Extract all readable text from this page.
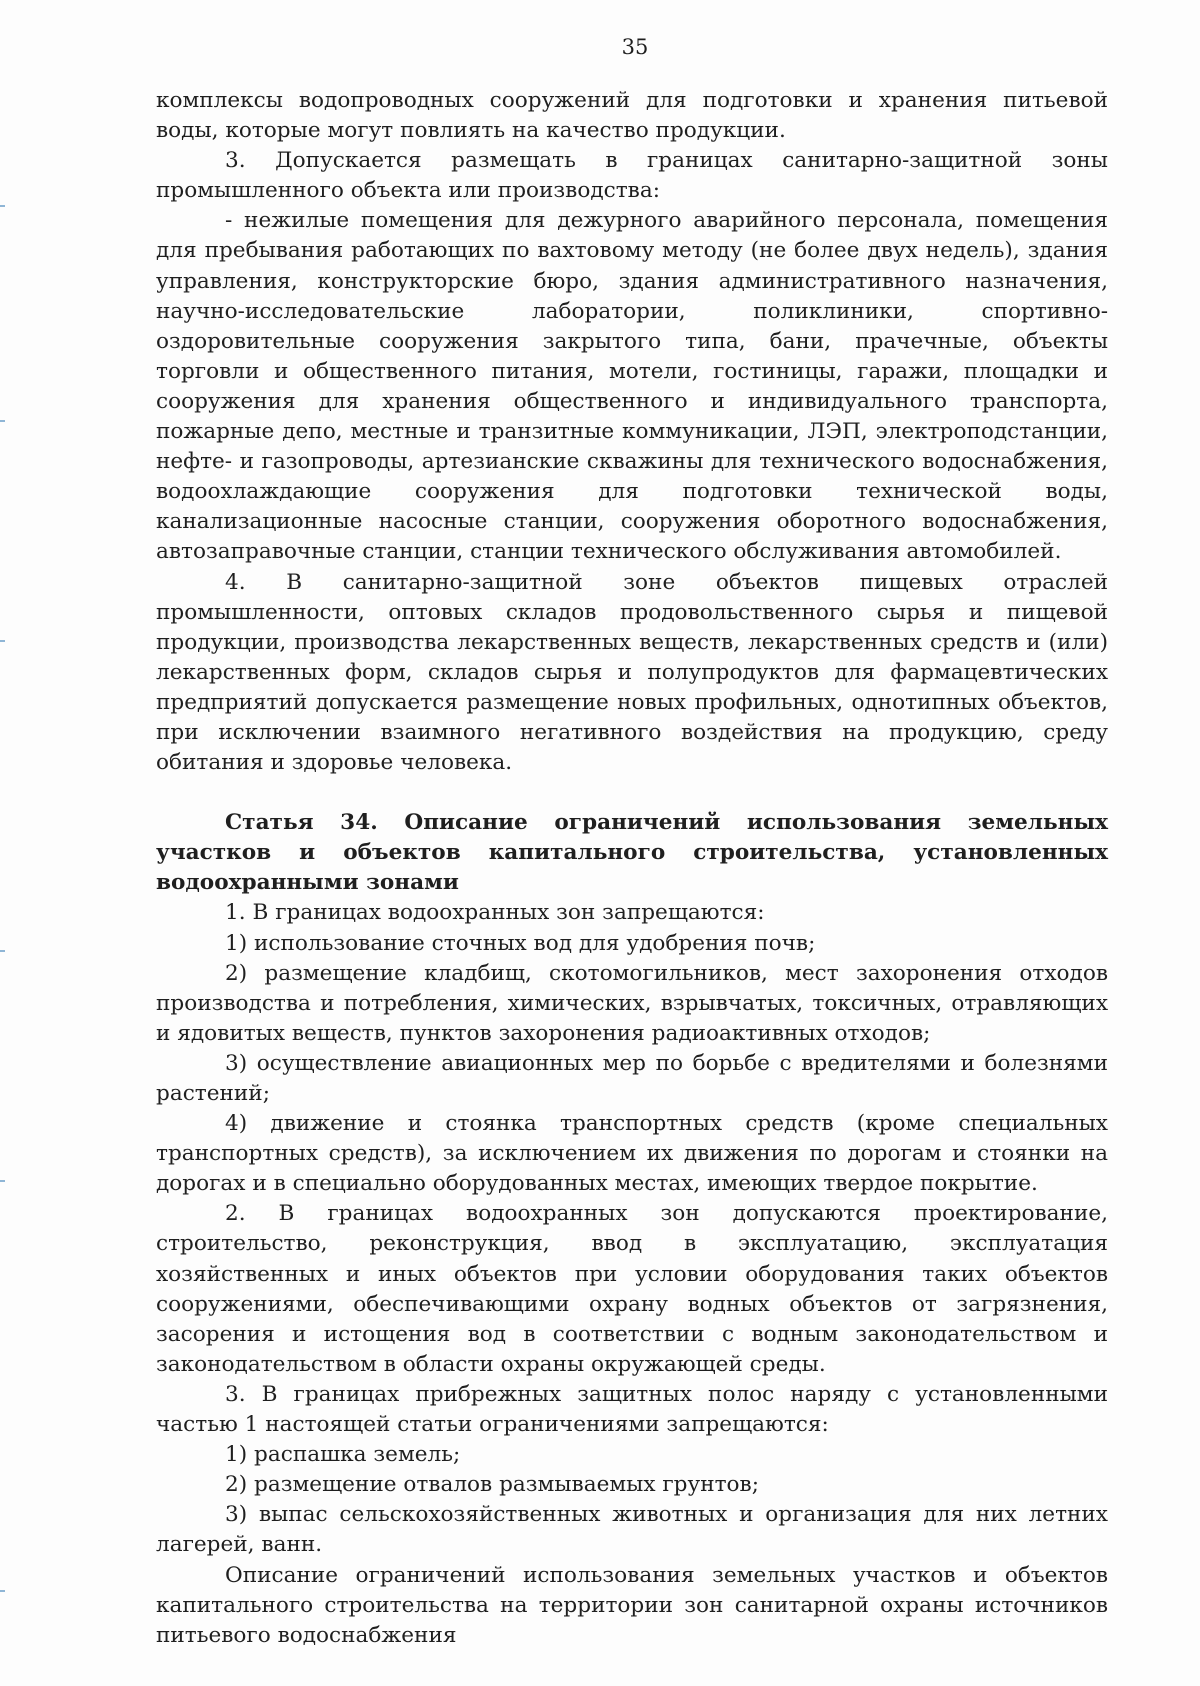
35

комплексы водопроводных сооружений для подготовки и хранения питьевой воды, которые могут повлиять на качество продукции.

3. Допускается размещать в границах санитарно-защитной зоны промышленного объекта или производства:

- нежилые помещения для дежурного аварийного персонала, помещения для пребывания работающих по вахтовому методу (не более двух недель), здания управления, конструкторские бюро, здания административного назначения, научно-исследовательские лаборатории, поликлиники, спортивно-оздоровительные сооружения закрытого типа, бани, прачечные, объекты торговли и общественного питания, мотели, гостиницы, гаражи, площадки и сооружения для хранения общественного и индивидуального транспорта, пожарные депо, местные и транзитные коммуникации, ЛЭП, электроподстанции, нефте- и газопроводы, артезианские скважины для технического водоснабжения, водоохлаждающие сооружения для подготовки технической воды, канализационные насосные станции, сооружения оборотного водоснабжения, автозаправочные станции, станции технического обслуживания автомобилей.

4. В санитарно-защитной зоне объектов пищевых отраслей промышленности, оптовых складов продовольственного сырья и пищевой продукции, производства лекарственных веществ, лекарственных средств и (или) лекарственных форм, складов сырья и полупродуктов для фармацевтических предприятий допускается размещение новых профильных, однотипных объектов, при исключении взаимного негативного воздействия на продукцию, среду обитания и здоровье человека.

Статья 34. Описание ограничений использования земельных участков и объектов капитального строительства, установленных водоохранными зонами

1. В границах водоохранных зон запрещаются:

1) использование сточных вод для удобрения почв;

2) размещение кладбищ, скотомогильников, мест захоронения отходов производства и потребления, химических, взрывчатых, токсичных, отравляющих и ядовитых веществ, пунктов захоронения радиоактивных отходов;

3) осуществление авиационных мер по борьбе с вредителями и болезнями растений;

4) движение и стоянка транспортных средств (кроме специальных транспортных средств), за исключением их движения по дорогам и стоянки на дорогах и в специально оборудованных местах, имеющих твердое покрытие.

2. В границах водоохранных зон допускаются проектирование, строительство, реконструкция, ввод в эксплуатацию, эксплуатация хозяйственных и иных объектов при условии оборудования таких объектов сооружениями, обеспечивающими охрану водных объектов от загрязнения, засорения и истощения вод в соответствии с водным законодательством и законодательством в области охраны окружающей среды.

3. В границах прибрежных защитных полос наряду с установленными частью 1 настоящей статьи ограничениями запрещаются:

1) распашка земель;

2) размещение отвалов размываемых грунтов;

3) выпас сельскохозяйственных животных и организация для них летних лагерей, ванн.

Описание ограничений использования земельных участков и объектов капитального строительства на территории зон санитарной охраны источников питьевого водоснабжения
